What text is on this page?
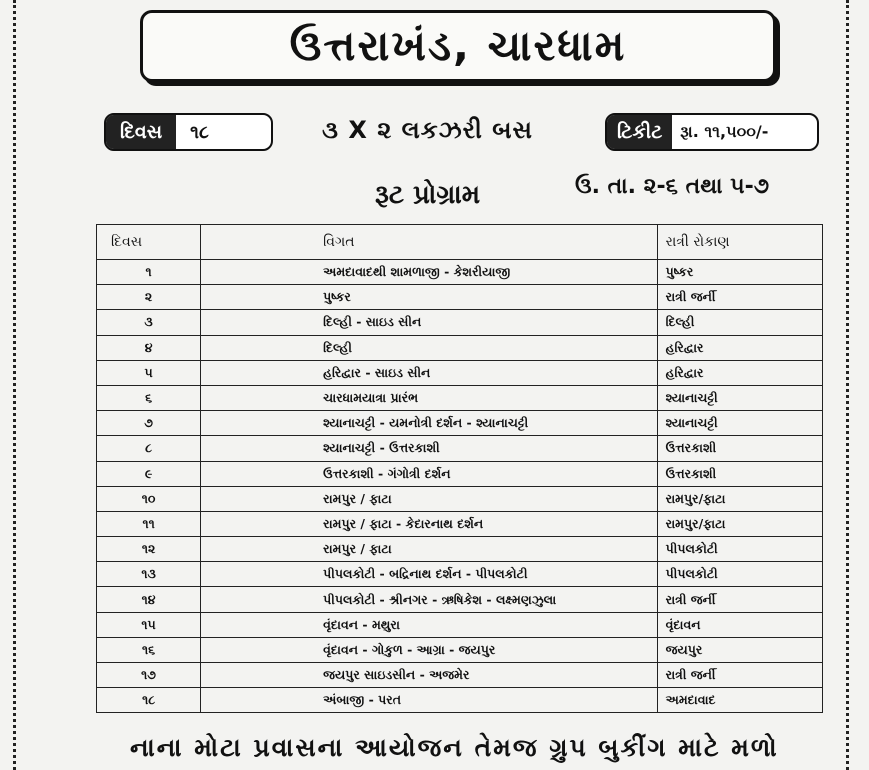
ઉત્તરાખંડ, ચારધામ
દિવસ	૧૮	૩ X ૨ લકઝરી બસ	ટિકીટ	રૂા. ૧૧,૫૦૦/-
રૂટ પ્રોગ્રામ	ઉ. તા. ૨-૬ તથા ૫-૭
દિવસ	વિગત	રાત્રી રોકાણ
૧	અમદાવાદથી શામળાજી - કેશરીયાજી	પુષ્કર
૨	પુષ્કર	રાત્રી જર્ની
૩	દિલ્હી - સાઇડ સીન	દિલ્હી
૪	દિલ્હી	હરિદ્વાર
૫	હરિદ્વાર - સાઇડ સીન	હરિદ્વાર
૬	ચારધામયાત્રા પ્રારંભ	શ્યાનાચટ્ટી
૭	શ્યાનાચટ્ટી - યમનોત્રી દર્શન - શ્યાનાચટ્ટી	શ્યાનાચટ્ટી
૮	શ્યાનાચટ્ટી - ઉત્તરકાશી	ઉત્તરકાશી
૯	ઉત્તરકાશી - ગંગોત્રી દર્શન	ઉત્તરકાશી
૧૦	રામપુર / ફાટા	રામપુર/ફાટા
૧૧	રામપુર / ફાટા - કેદારનાથ દર્શન	રામપુર/ફાટા
૧૨	રામપુર / ફાટા	પીપલકોટી
૧૩	પીપલકોટી - બદ્રિનાથ દર્શન - પીપલકોટી	પીપલકોટી
૧૪	પીપલકોટી - શ્રીનગર - ઋષિકેશ - લક્ષ્મણઝુલા	રાત્રી જર્ની
૧૫	વૃંદાવન - મથુરા	વૃંદાવન
૧૬	વૃંદાવન - ગોકુળ - આગ્રા - જયપુર	જયપુર
૧૭	જયપુર સાઇડસીન - અજમેર	રાત્રી જર્ની
૧૮	અંબાજી - પરત	અમદાવાદ
નાના મોટા પ્રવાસના આયોજન તેમજ ગ્રુપ બુકીંગ માટે મળો
